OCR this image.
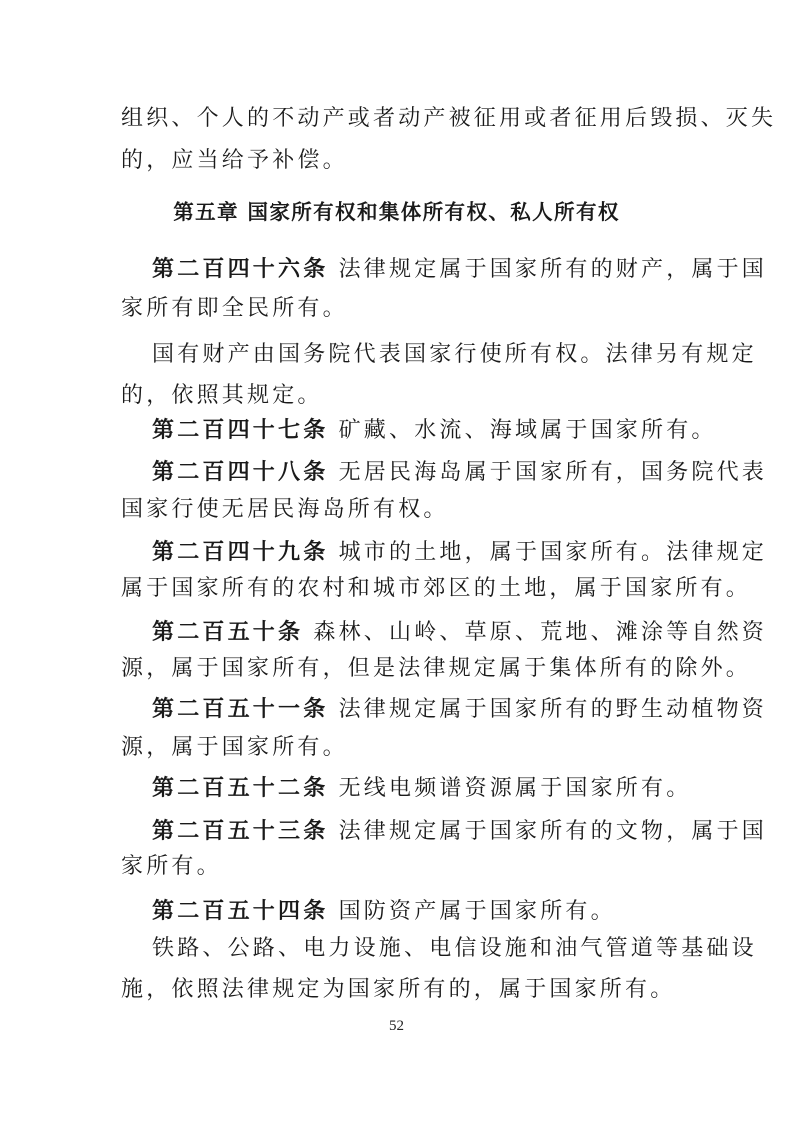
组织、个人的不动产或者动产被征用或者征用后毁损、灭失

的，应当给予补偿。

第五章 国家所有权和集体所有权、私人所有权

第二百四十六条 法律规定属于国家所有的财产，属于国

家所有即全民所有。

国有财产由国务院代表国家行使所有权。法律另有规定

的，依照其规定。

第二百四十七条 矿藏、水流、海域属于国家所有。

第二百四十八条 无居民海岛属于国家所有，国务院代表

国家行使无居民海岛所有权。

第二百四十九条 城市的土地，属于国家所有。法律规定

属于国家所有的农村和城市郊区的土地，属于国家所有。

第二百五十条 森林、山岭、草原、荒地、滩涂等自然资

源，属于国家所有，但是法律规定属于集体所有的除外。

第二百五十一条 法律规定属于国家所有的野生动植物资

源，属于国家所有。

第二百五十二条 无线电频谱资源属于国家所有。

第二百五十三条 法律规定属于国家所有的文物，属于国

家所有。

第二百五十四条 国防资产属于国家所有。

铁路、公路、电力设施、电信设施和油气管道等基础设

施，依照法律规定为国家所有的，属于国家所有。

52
